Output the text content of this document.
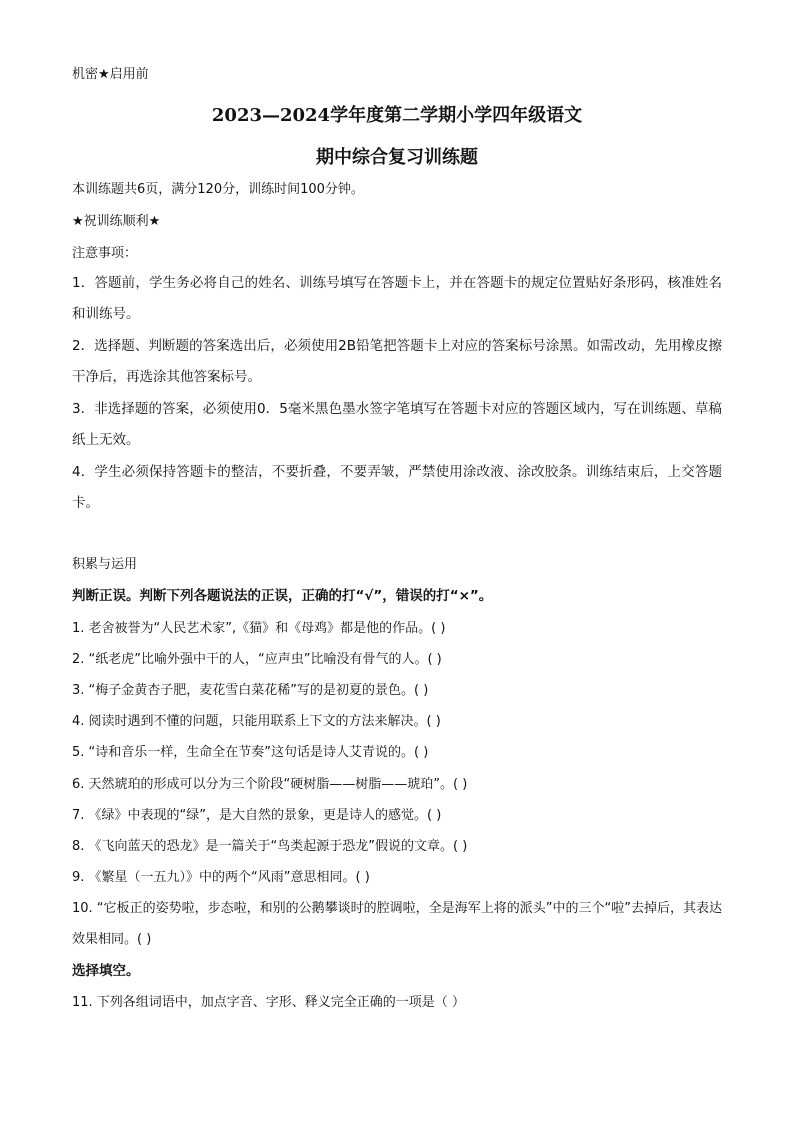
机密★启用前
2023—2024学年度第二学期小学四年级语文
期中综合复习训练题
本训练题共6页，满分120分，训练时间100分钟。
★祝训练顺利★
注意事项：
1．答题前，学生务必将自己的姓名、训练号填写在答题卡上，并在答题卡的规定位置贴好条形码，核准姓名和训练号。
2．选择题、判断题的答案选出后，必须使用2B铅笔把答题卡上对应的答案标号涂黑。如需改动，先用橡皮擦干净后，再选涂其他答案标号。
3．非选择题的答案，必须使用0．5毫米黑色墨水签字笔填写在答题卡对应的答题区域内，写在训练题、草稿纸上无效。
4．学生必须保持答题卡的整洁，不要折叠，不要弄皱，严禁使用涂改液、涂改胶条。训练结束后，上交答题卡。
积累与运用
判断正误。判断下列各题说法的正误，正确的打“√”，错误的打“×”。
1. 老舍被誉为“人民艺术家”,《猫》和《母鸡》都是他的作品。( )
2. “纸老虎”比喻外强中干的人，“应声虫”比喻没有骨气的人。( )
3. “梅子金黄杏子肥，麦花雪白菜花稀”写的是初夏的景色。( )
4. 阅读时遇到不懂的问题，只能用联系上下文的方法来解决。( )
5. “诗和音乐一样，生命全在节奏”这句话是诗人艾青说的。( )
6. 天然琥珀的形成可以分为三个阶段“硬树脂——树脂——琥珀”。( )
7. 《绿》中表现的“绿”，是大自然的景象，更是诗人的感觉。( )
8. 《飞向蓝天的恐龙》是一篇关于“鸟类起源于恐龙”假说的文章。( )
9. 《繁星（一五九）》中的两个“风雨”意思相同。( )
10. “它板正的姿势啦，步态啦，和别的公鹅攀谈时的腔调啦，全是海军上将的派头”中的三个“啦”去掉后，其表达效果相同。( )
选择填空。
11. 下列各组词语中，加点字音、字形、释义完全正确的一项是（ ）
